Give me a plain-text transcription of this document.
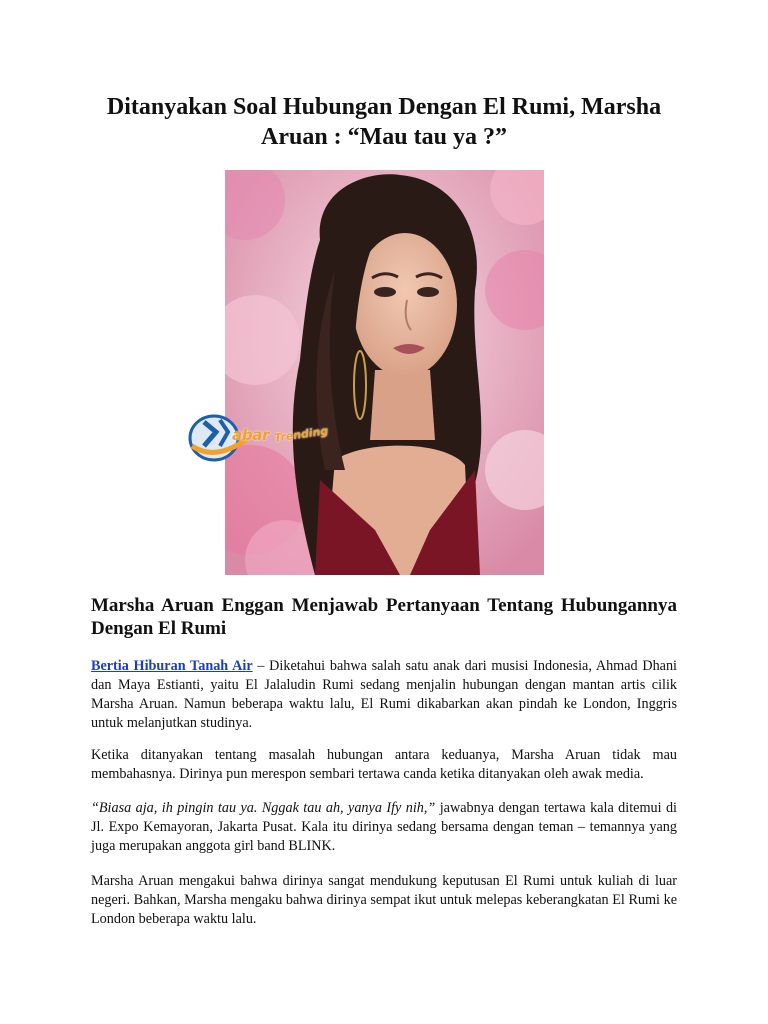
Ditanyakan Soal Hubungan Dengan El Rumi, Marsha Aruan : “Mau tau ya ?”
abar Trending
Marsha Aruan Enggan Menjawab Pertanyaan Tentang Hubungannya Dengan El Rumi

Bertia Hiburan Tanah Air – Diketahui bahwa salah satu anak dari musisi Indonesia, Ahmad Dhani dan Maya Estianti, yaitu El Jalaludin Rumi sedang menjalin hubungan dengan mantan artis cilik Marsha Aruan. Namun beberapa waktu lalu, El Rumi dikabarkan akan pindah ke London, Inggris untuk melanjutkan studinya.

Ketika ditanyakan tentang masalah hubungan antara keduanya, Marsha Aruan tidak mau membahasnya. Dirinya pun merespon sembari tertawa canda ketika ditanyakan oleh awak media.

“Biasa aja, ih pingin tau ya. Nggak tau ah, yanya Ify nih,” jawabnya dengan tertawa kala ditemui di Jl. Expo Kemayoran, Jakarta Pusat. Kala itu dirinya sedang bersama dengan teman – temannya yang juga merupakan anggota girl band BLINK.

Marsha Aruan mengakui bahwa dirinya sangat mendukung keputusan El Rumi untuk kuliah di luar negeri. Bahkan, Marsha mengaku bahwa dirinya sempat ikut untuk melepas keberangkatan El Rumi ke London beberapa waktu lalu.
